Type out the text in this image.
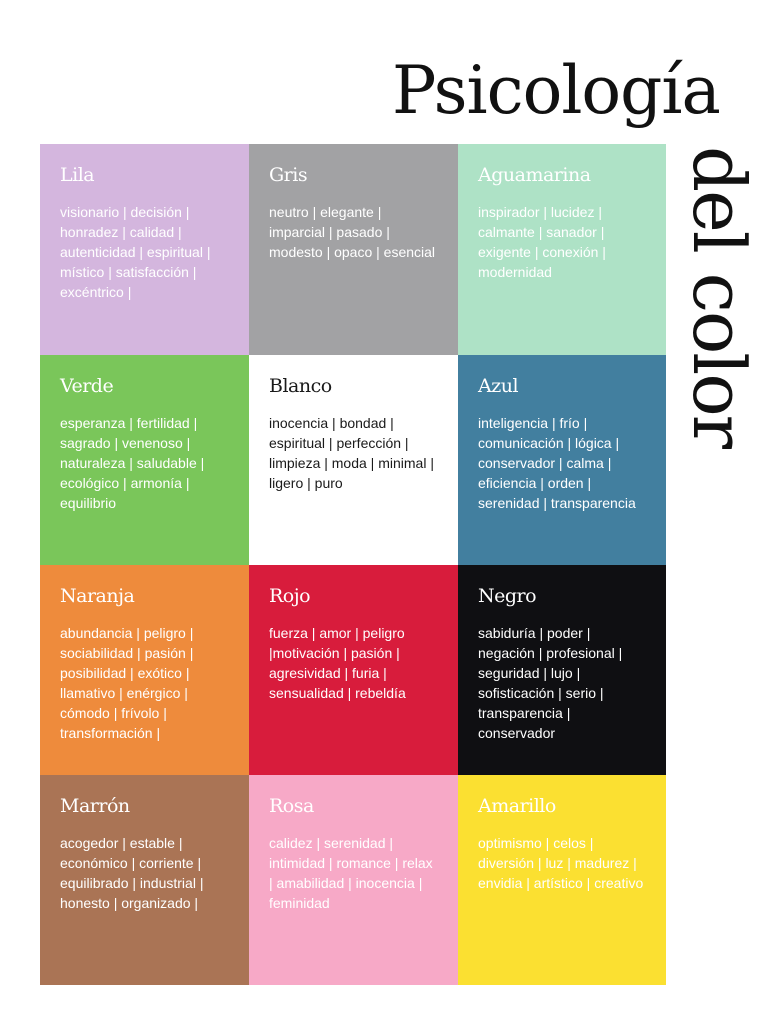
Psicología
del color
Lila

visionario | decisión | honradez | calidad | autenticidad | espiritual | místico | satisfacción | excéntrico |

Gris

neutro | elegante | imparcial | pasado | modesto | opaco | esencial

Aguamarina

inspirador | lucidez | calmante | sanador | exigente | conexión | modernidad

Verde

esperanza | fertilidad | sagrado | venenoso | naturaleza | saludable | ecológico | armonía | equilibrio

Blanco

inocencia | bondad | espiritual | perfección | limpieza | moda | minimal | ligero | puro

Azul

inteligencia | frío | comunicación | lógica | conservador | calma | eficiencia | orden | serenidad | transparencia

Naranja

abundancia | peligro | sociabilidad | pasión | posibilidad | exótico | llamativo | enérgico | cómodo | frívolo | transformación |

Rojo

fuerza | amor | peligro |motivación | pasión | agresividad | furia | sensualidad | rebeldía

Negro

sabiduría | poder | negación | profesional | seguridad | lujo | sofisticación | serio | transparencia | conservador

Marrón

acogedor | estable | económico | corriente | equilibrado | industrial | honesto | organizado |

Rosa

calidez | serenidad | intimidad | romance | relax | amabilidad | inocencia | feminidad

Amarillo

optimismo | celos | diversión | luz | madurez | envidia | artístico | creativo
